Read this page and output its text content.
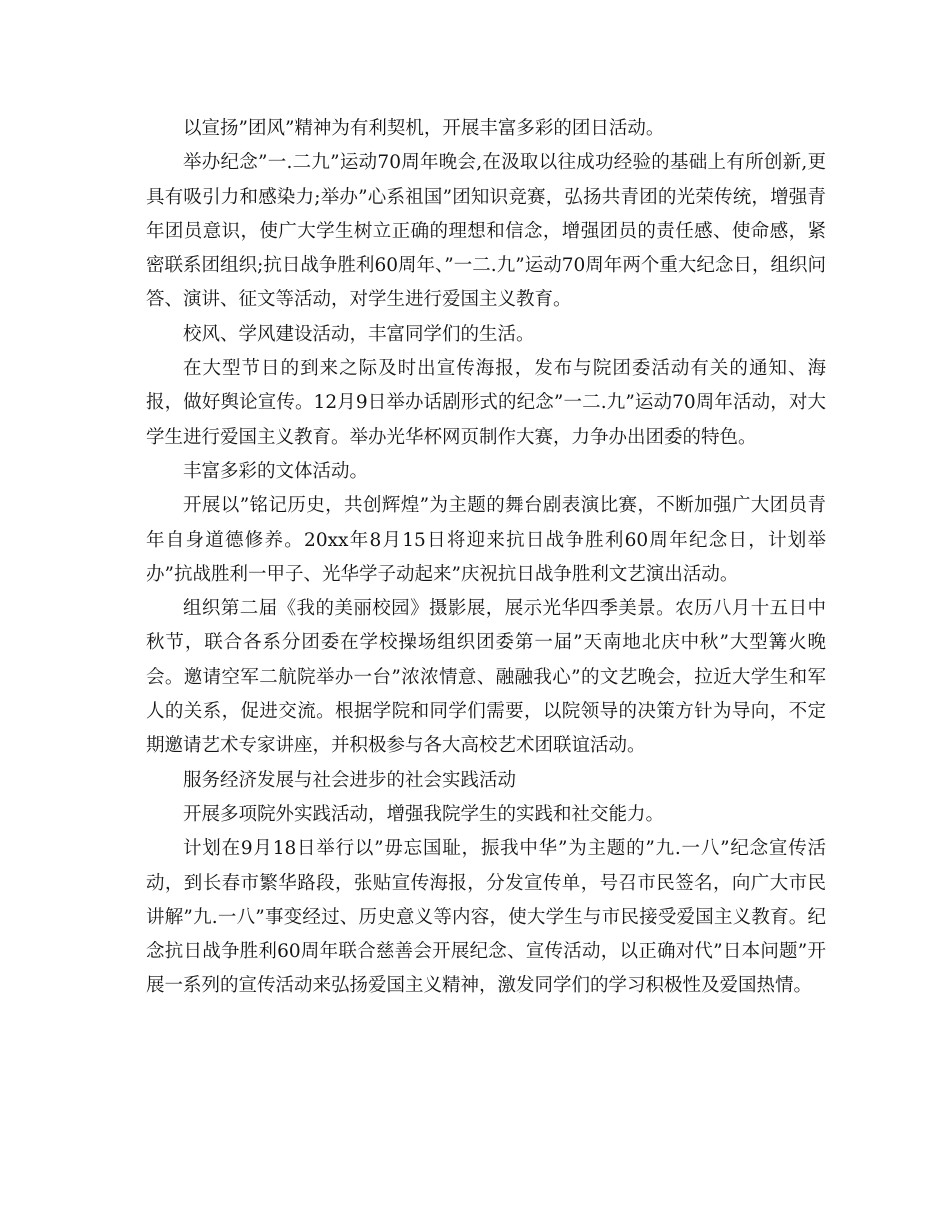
以宣扬”团风”精神为有利契机，开展丰富多彩的团日活动。

举办纪念”一.二九”运动70周年晚会,在汲取以往成功经验的基础上有所创新,更具有吸引力和感染力;举办”心系祖国”团知识竞赛，弘扬共青团的光荣传统，增强青年团员意识，使广大学生树立正确的理想和信念，增强团员的责任感、使命感，紧密联系团组织;抗日战争胜利60周年、”一二.九”运动70周年两个重大纪念日，组织问答、演讲、征文等活动，对学生进行爱国主义教育。

校风、学风建设活动，丰富同学们的生活。

在大型节日的到来之际及时出宣传海报，发布与院团委活动有关的通知、海报，做好舆论宣传。12月9日举办话剧形式的纪念”一二.九”运动70周年活动，对大学生进行爱国主义教育。举办光华杯网页制作大赛，力争办出团委的特色。

丰富多彩的文体活动。

开展以”铭记历史，共创辉煌”为主题的舞台剧表演比赛，不断加强广大团员青年自身道德修养。20xx年8月15日将迎来抗日战争胜利60周年纪念日，计划举办”抗战胜利一甲子、光华学子动起来”庆祝抗日战争胜利文艺演出活动。

组织第二届《我的美丽校园》摄影展，展示光华四季美景。农历八月十五日中秋节，联合各系分团委在学校操场组织团委第一届”天南地北庆中秋”大型篝火晚会。邀请空军二航院举办一台”浓浓情意、融融我心”的文艺晚会，拉近大学生和军人的关系，促进交流。根据学院和同学们需要，以院领导的决策方针为导向，不定期邀请艺术专家讲座，并积极参与各大高校艺术团联谊活动。

服务经济发展与社会进步的社会实践活动

开展多项院外实践活动，增强我院学生的实践和社交能力。

计划在9月18日举行以”毋忘国耻，振我中华”为主题的”九.一八”纪念宣传活动，到长春市繁华路段，张贴宣传海报，分发宣传单，号召市民签名，向广大市民讲解”九.一八”事变经过、历史意义等内容，使大学生与市民接受爱国主义教育。纪念抗日战争胜利60周年联合慈善会开展纪念、宣传活动，以正确对代”日本问题”开展一系列的宣传活动来弘扬爱国主义精神，激发同学们的学习积极性及爱国热情。
